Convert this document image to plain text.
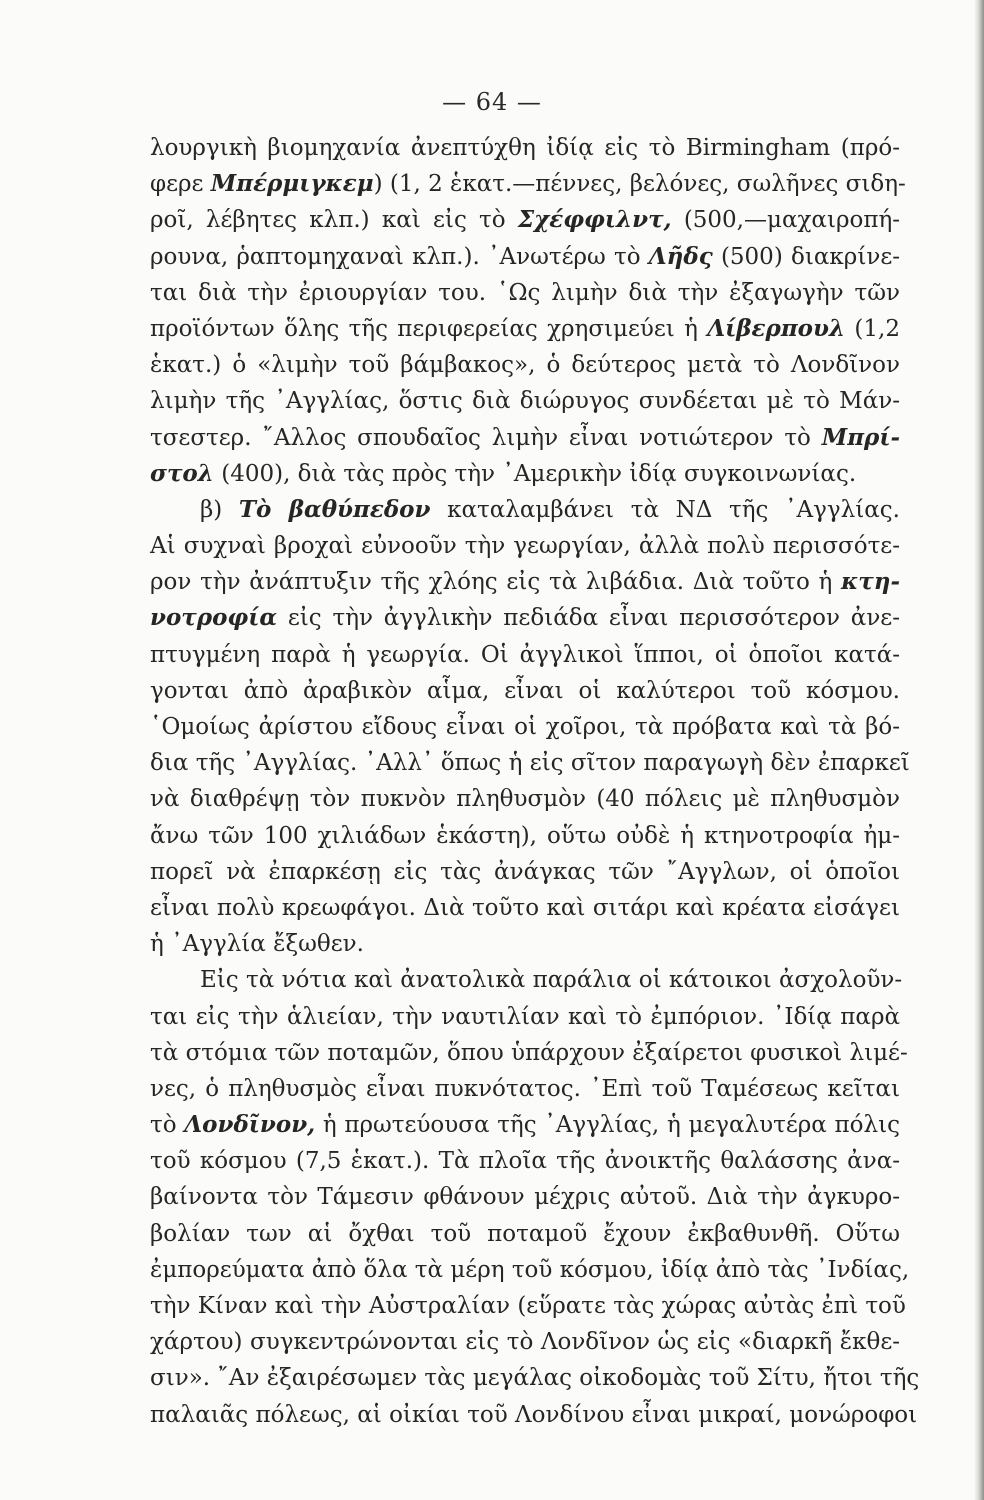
— 64 —
λουργικὴ βιομηχανία ἀνεπτύχθη ἰδίᾳ εἰς τὸ Birmingham (πρό-
φερε Μπέρμιγκεμ) (1, 2 ἑκατ.—πέννες, βελόνες, σωλῆνες σιδη-
ροῖ, λέβητες κλπ.) καὶ εἰς τὸ Σχέφφιλντ, (500,—μαχαιροπή-
ρουνα, ῥαπτομηχαναὶ κλπ.). ᾿Ανωτέρω τὸ Λῆδς (500) διακρίνε-
ται διὰ τὴν ἐριουργίαν του. ῾Ως λιμὴν διὰ τὴν ἐξαγωγὴν τῶν
προϊόντων ὅλης τῆς περιφερείας χρησιμεύει ἡ Λίβερπουλ (1,2
ἑκατ.) ὁ «λιμὴν τοῦ βάμβακος», ὁ δεύτερος μετὰ τὸ Λονδῖνον
λιμὴν τῆς ᾿Αγγλίας, ὅστις διὰ διώρυγος συνδέεται μὲ τὸ Μάν-
τσεστερ. ῎Αλλος σπουδαῖος λιμὴν εἶναι νοτιώτερον τὸ Μπρί-
στολ (400), διὰ τὰς πρὸς τὴν ᾿Αμερικὴν ἰδίᾳ συγκοινωνίας.
β) Τὸ βαθύπεδον καταλαμβάνει τὰ ΝΔ τῆς ᾿Αγγλίας.
Αἱ συχναὶ βροχαὶ εὐνοοῦν τὴν γεωργίαν, ἀλλὰ πολὺ περισσότε-
ρον τὴν ἀνάπτυξιν τῆς χλόης εἰς τὰ λιβάδια. Διὰ τοῦτο ἡ κτη-
νοτροφία εἰς τὴν ἀγγλικὴν πεδιάδα εἶναι περισσότερον ἀνε-
πτυγμένη παρὰ ἡ γεωργία. Οἱ ἀγγλικοὶ ἵπποι, οἱ ὁποῖοι κατά-
γονται ἀπὸ ἀραβικὸν αἷμα, εἶναι οἱ καλύτεροι τοῦ κόσμου.
῾Ομοίως ἀρίστου εἴδους εἶναι οἱ χοῖροι, τὰ πρόβατα καὶ τὰ βό-
δια τῆς ᾿Αγγλίας. ᾿Αλλ᾿ ὅπως ἡ εἰς σῖτον παραγωγὴ δὲν ἐπαρκεῖ
νὰ διαθρέψῃ τὸν πυκνὸν πληθυσμὸν (40 πόλεις μὲ πληθυσμὸν
ἄνω τῶν 100 χιλιάδων ἑκάστη), οὕτω οὐδὲ ἡ κτηνοτροφία ἠμ-
πορεῖ νὰ ἐπαρκέσῃ εἰς τὰς ἀνάγκας τῶν ῎Αγγλων, οἱ ὁποῖοι
εἶναι πολὺ κρεωφάγοι. Διὰ τοῦτο καὶ σιτάρι καὶ κρέατα εἰσάγει
ἡ ᾿Αγγλία ἔξωθεν.
Εἰς τὰ νότια καὶ ἀνατολικὰ παράλια οἱ κάτοικοι ἀσχολοῦν-
ται εἰς τὴν ἁλιείαν, τὴν ναυτιλίαν καὶ τὸ ἐμπόριον. ᾿Ιδίᾳ παρὰ
τὰ στόμια τῶν ποταμῶν, ὅπου ὑπάρχουν ἐξαίρετοι φυσικοὶ λιμέ-
νες, ὁ πληθυσμὸς εἶναι πυκνότατος. ᾿Επὶ τοῦ Ταμέσεως κεῖται
τὸ Λονδῖνον, ἡ πρωτεύουσα τῆς ᾿Αγγλίας, ἡ μεγαλυτέρα πόλις
τοῦ κόσμου (7,5 ἑκατ.). Τὰ πλοῖα τῆς ἀνοικτῆς θαλάσσης ἀνα-
βαίνοντα τὸν Τάμεσιν φθάνουν μέχρις αὐτοῦ. Διὰ τὴν ἀγκυρο-
βολίαν των αἱ ὄχθαι τοῦ ποταμοῦ ἔχουν ἐκβαθυνθῆ. Οὕτω
ἐμπορεύματα ἀπὸ ὅλα τὰ μέρη τοῦ κόσμου, ἰδίᾳ ἀπὸ τὰς ᾿Ινδίας,
τὴν Κίναν καὶ τὴν Αὐστραλίαν (εὕρατε τὰς χώρας αὐτὰς ἐπὶ τοῦ
χάρτου) συγκεντρώνονται εἰς τὸ Λονδῖνον ὡς εἰς «διαρκῆ ἔκθε-
σιν». ῎Αν ἐξαιρέσωμεν τὰς μεγάλας οἰκοδομὰς τοῦ Σίτυ, ἤτοι τῆς
παλαιᾶς πόλεως, αἱ οἰκίαι τοῦ Λονδίνου εἶναι μικραί, μονώροφοι
